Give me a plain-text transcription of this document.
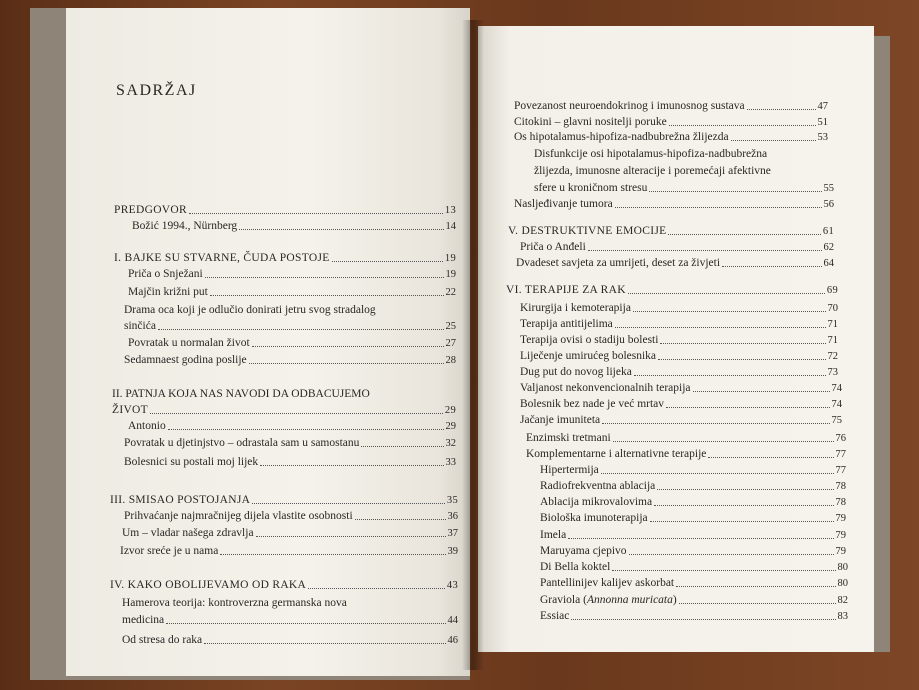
SADRŽAJ
PREDGOVOR	13
Božić 1994., Nürnberg	14
I. BAJKE SU STVARNE, ČUDA POSTOJE	19
Priča o Snježani	19
Majčin križni put	22
Drama oca koji je odlučio donirati jetru svog stradalog
sinčića	25
Povratak u normalan život	27
Sedamnaest godina poslije	28
II. PATNJA KOJA NAS NAVODI DA ODBACUJEMO
ŽIVOT	29
Antonio	29
Povratak u djetinjstvo – odrastala sam u samostanu	32
Bolesnici su postali moj lijek	33
III. SMISAO POSTOJANJA	35
Prihvaćanje najmračnijeg dijela vlastite osobnosti	36
Um – vladar našega zdravlja	37
Izvor sreće je u nama	39
IV. KAKO OBOLIJEVAMO OD RAKA	43
Hamerova teorija: kontroverzna germanska nova
medicina	44
Od stresa do raka	46
Povezanost neuroendokrinog i imunosnog sustava	47
Citokini – glavni nositelji poruke	51
Os hipotalamus-hipofiza-nadbubrežna žlijezda	53
Disfunkcije osi hipotalamus-hipofiza-nadbubrežna
žlijezda, imunosne alteracije i poremećaji afektivne
sfere u kroničnom stresu	55
Nasljeđivanje tumora	56
V. DESTRUKTIVNE EMOCIJE	61
Priča o Anđeli	62
Dvadeset savjeta za umrijeti, deset za živjeti	64
VI. TERAPIJE ZA RAK	69
Kirurgija i kemoterapija	70
Terapija antitijelima	71
Terapija ovisi o stadiju bolesti	71
Liječenje umirućeg bolesnika	72
Dug put do novog lijeka	73
Valjanost nekonvencionalnih terapija	74
Bolesnik bez nade je već mrtav	74
Jačanje imuniteta	75
Enzimski tretmani	76
Komplementarne i alternativne terapije	77
Hipertermija	77
Radiofrekventna ablacija	78
Ablacija mikrovalovima	78
Biološka imunoterapija	79
Imela	79
Maruyama cjepivo	79
Di Bella koktel	80
Pantellinijev kalijev askorbat	80
Graviola (Annonna muricata)	82
Essiac	83
